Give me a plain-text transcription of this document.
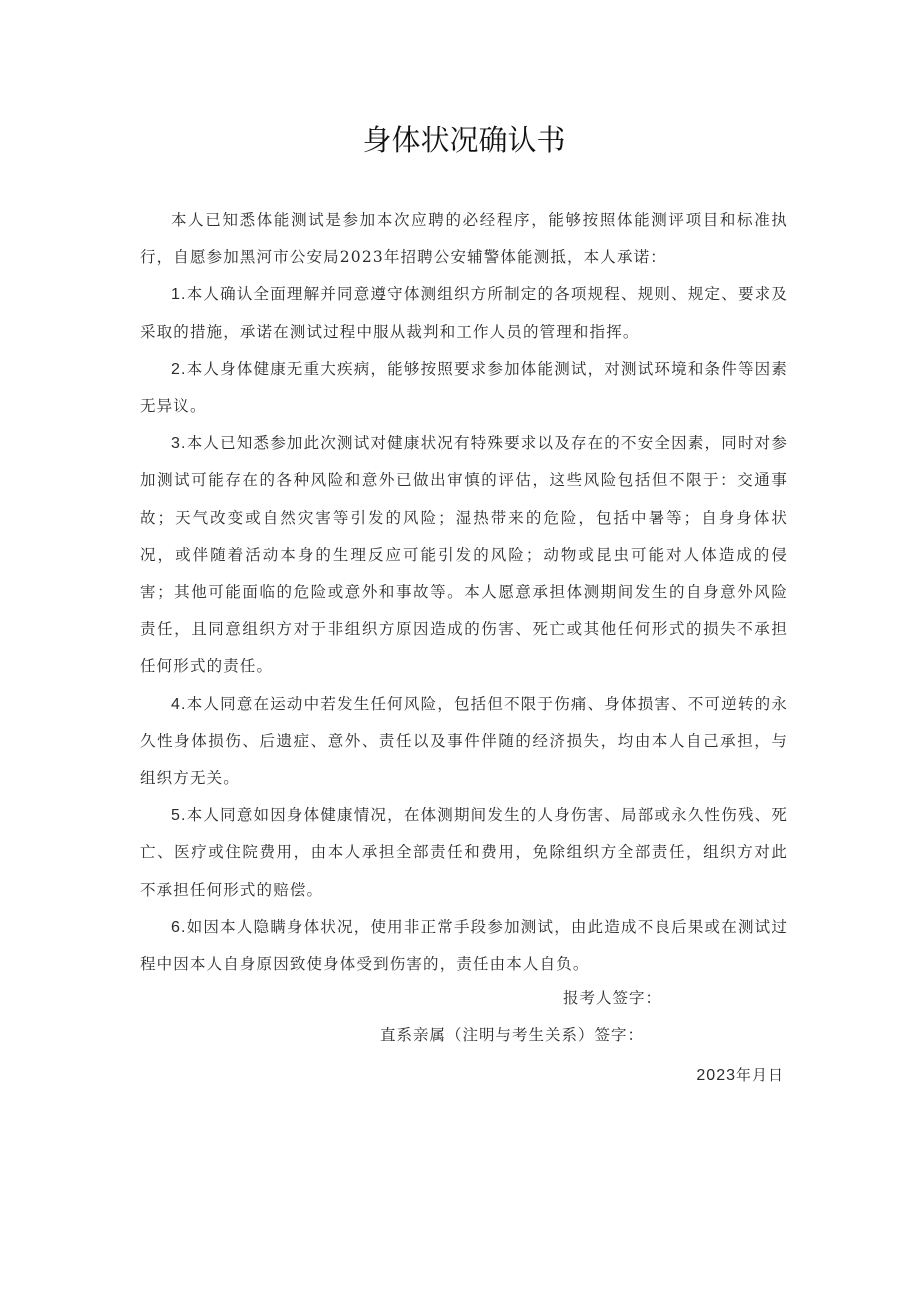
身体状况确认书

本人已知悉体能测试是参加本次应聘的必经程序，能够按照体能测评项目和标准执行，自愿参加黑河市公安局2023年招聘公安辅警体能测抵，本人承诺：

1.本人确认全面理解并同意遵守体测组织方所制定的各项规程、规则、规定、要求及采取的措施，承诺在测试过程中服从裁判和工作人员的管理和指挥。

2.本人身体健康无重大疾病，能够按照要求参加体能测试，对测试环境和条件等因素无异议。

3.本人已知悉参加此次测试对健康状况有特殊要求以及存在的不安全因素，同时对参加测试可能存在的各种风险和意外已做出审慎的评估，这些风险包括但不限于：交通事故；天气改变或自然灾害等引发的风险；湿热带来的危险，包括中暑等；自身身体状况，或伴随着活动本身的生理反应可能引发的风险；动物或昆虫可能对人体造成的侵害；其他可能面临的危险或意外和事故等。本人愿意承担体测期间发生的自身意外风险责任，且同意组织方对于非组织方原因造成的伤害、死亡或其他任何形式的损失不承担任何形式的责任。

4.本人同意在运动中若发生任何风险，包括但不限于伤痛、身体损害、不可逆转的永久性身体损伤、后遗症、意外、责任以及事件伴随的经济损失，均由本人自己承担，与组织方无关。

5.本人同意如因身体健康情况，在体测期间发生的人身伤害、局部或永久性伤残、死亡、医疗或住院费用，由本人承担全部责任和费用，免除组织方全部责任，组织方对此不承担任何形式的赔偿。

6.如因本人隐瞒身体状况，使用非正常手段参加测试，由此造成不良后果或在测试过程中因本人自身原因致使身体受到伤害的，责任由本人自负。

报考人签字：
直系亲属（注明与考生关系）签字：
2023年月日
